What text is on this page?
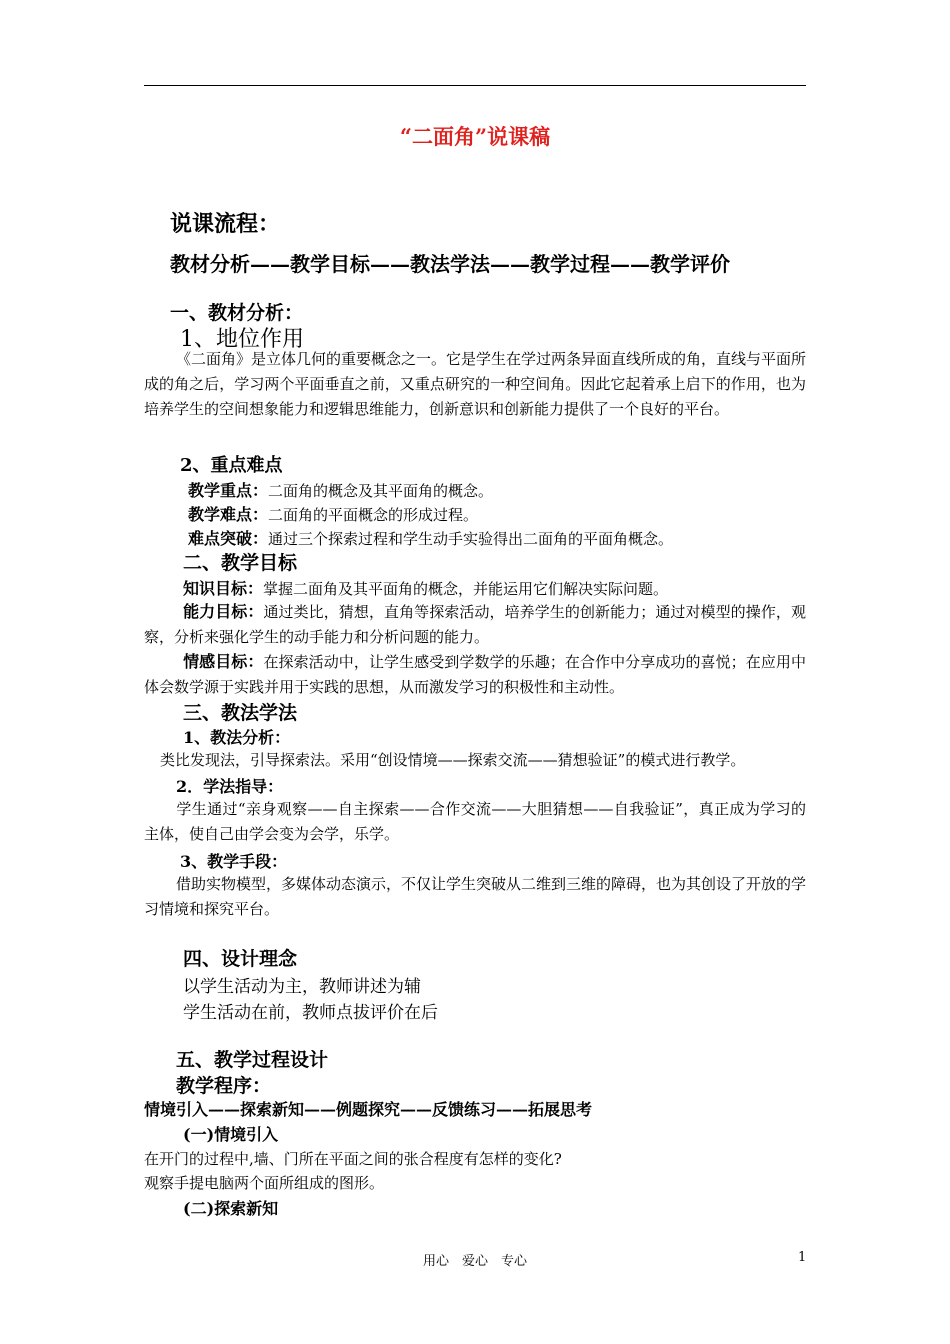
“二面角”说课稿
说课流程：
教材分析——教学目标——教法学法——教学过程——教学评价
一、教材分析：
1、地位作用

《二面角》是立体几何的重要概念之一。它是学生在学过两条异面直线所成的角，直线与平面所成的角之后，学习两个平面垂直之前，又重点研究的一种空间角。因此它起着承上启下的作用，也为培养学生的空间想象能力和逻辑思维能力，创新意识和创新能力提供了一个良好的平台。

2、重点难点
教学重点：二面角的概念及其平面角的概念。
教学难点：二面角的平面概念的形成过程。
难点突破：通过三个探索过程和学生动手实验得出二面角的平面角概念。
二、教学目标
知识目标：掌握二面角及其平面角的概念，并能运用它们解决实际问题。

能力目标：通过类比，猜想，直角等探索活动，培养学生的创新能力；通过对模型的操作，观察，分析来强化学生的动手能力和分析问题的能力。

情感目标：在探索活动中，让学生感受到学数学的乐趣；在合作中分享成功的喜悦；在应用中体会数学源于实践并用于实践的思想，从而激发学习的积极性和主动性。

三、教法学法
1、教法分析：
类比发现法，引导探索法。采用“创设情境——探索交流——猜想验证”的模式进行教学。
2．学法指导：

学生通过“亲身观察——自主探索——合作交流——大胆猜想——自我验证”，真正成为学习的主体，使自己由学会变为会学，乐学。

3、教学手段：

借助实物模型，多媒体动态演示，不仅让学生突破从二维到三维的障碍，也为其创设了开放的学习情境和探究平台。

四、设计理念
以学生活动为主，教师讲述为辅
学生活动在前，教师点拔评价在后
五、教学过程设计
教学程序：
情境引入——探索新知——例题探究——反馈练习——拓展思考
(一)情境引入
在开门的过程中,墙、门所在平面之间的张合程度有怎样的变化?
观察手提电脑两个面所组成的图形。
(二)探索新知
用心　爱心　专心	1
